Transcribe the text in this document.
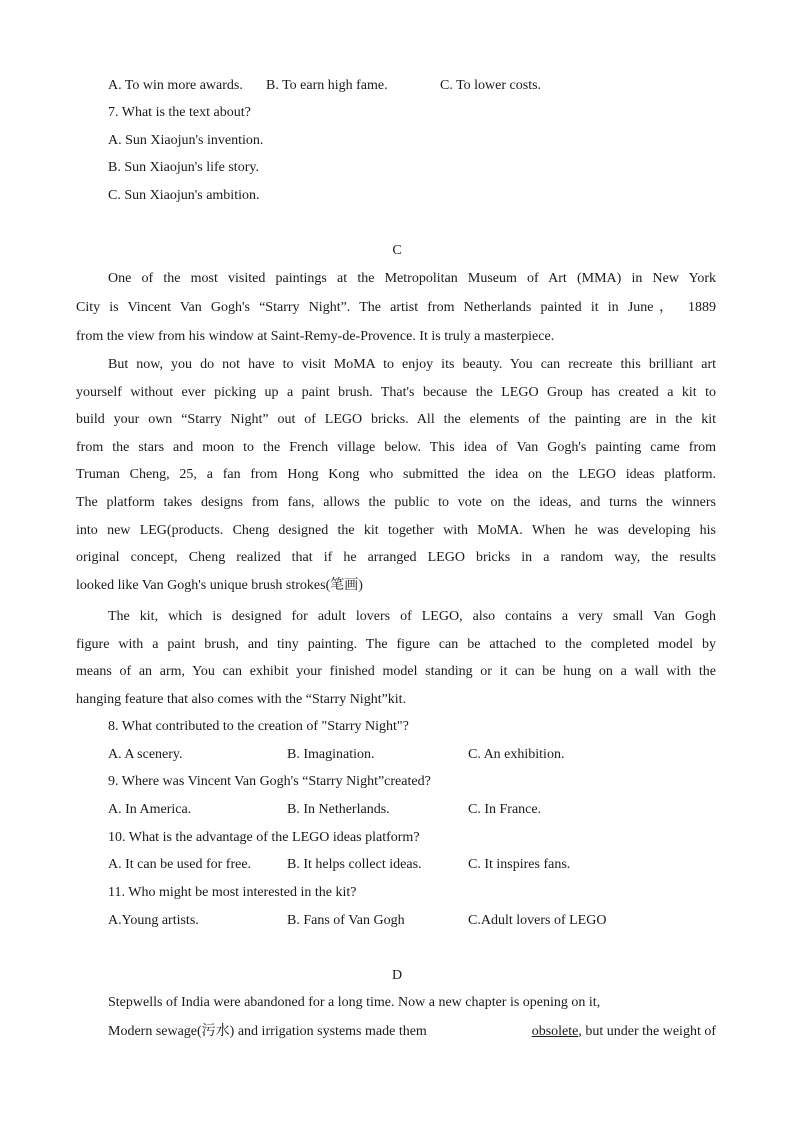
A. To win more awards. B. To earn high fame.	C. To lower costs.
7. What is the text about?
A. Sun Xiaojun's invention.
B. Sun Xiaojun's life story.
C. Sun Xiaojun's ambition.
C
One of the most visited paintings at the Metropolitan Museum of Art (MMA) in New York
City is Vincent Van Gogh's “Starry Night”. The artist from Netherlands painted it in June， 1889
from the view from his window at Saint-Remy-de-Provence. It is truly a masterpiece.
But now, you do not have to visit MoMA to enjoy its beauty. You can recreate this brilliant art
yourself without ever picking up a paint brush. That's because the LEGO Group has created a kit to
build your own “Starry Night” out of LEGO bricks. All the elements of the painting are in the kit
from the stars and moon to the French village below. This idea of Van Gogh's painting came from
Truman Cheng, 25, a fan from Hong Kong who submitted the idea on the LEGO ideas platform.
The platform takes designs from fans, allows the public to vote on the ideas, and turns the winners
into new LEG(products. Cheng designed the kit together with MoMA. When he was developing his
original concept, Cheng realized that if he arranged LEGO bricks in a random way, the results
looked like Van Gogh's unique brush strokes(笔画)
The kit, which is designed for adult lovers of LEGO, also contains a very small Van Gogh
figure with a paint brush, and tiny painting. The figure can be attached to the completed model by
means of an arm, You can exhibit your finished model standing or it can be hung on a wall with the
hanging feature that also comes with the “Starry Night”kit.
8. What contributed to the creation of "Starry Night"?
A. A scenery.	B. Imagination.	C. An exhibition.
9. Where was Vincent Van Gogh's “Starry Night”created?
A. In America.	B. In Netherlands.	C. In France.
10. What is the advantage of the LEGO ideas platform?
A. It can be used for free.	B. It helps collect ideas.	C. It inspires fans.
11. Who might be most interested in the kit?
A.Young artists.	B. Fans of Van Gogh	C.Adult lovers of LEGO
D
Stepwells of India were abandoned for a long time. Now a new chapter is opening on it,
Modern sewage(污水) and irrigation systems made them	obsolete, but under the weight of
